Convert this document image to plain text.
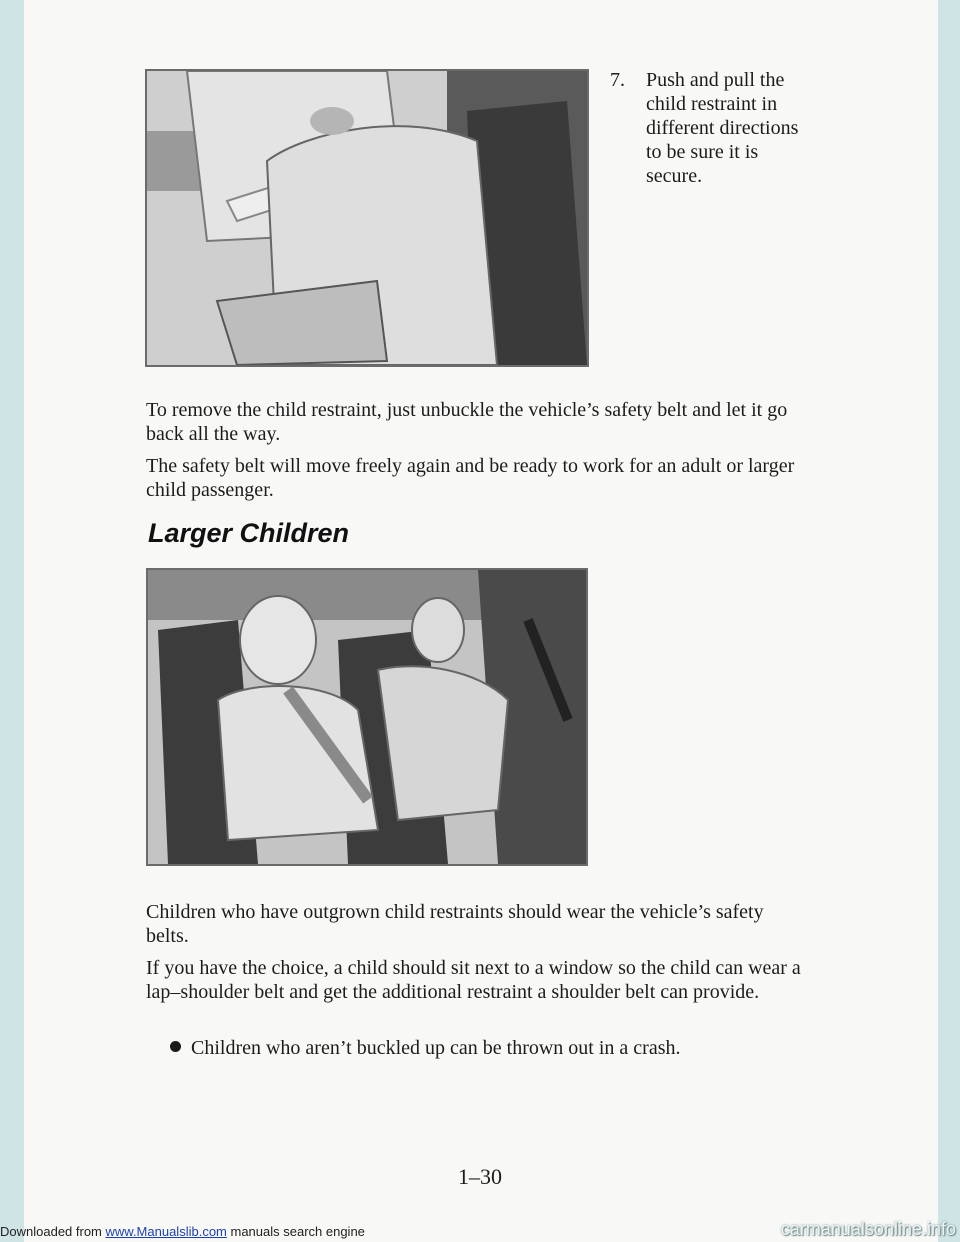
7. Push and pull the child restraint in different directions to be sure it is secure.

To remove the child restraint, just unbuckle the vehicle’s safety belt and let it go back all the way.

The safety belt will move freely again and be ready to work for an adult or larger child passenger.

Larger Children

Children who have outgrown child restraints should wear the vehicle’s safety belts.

If you have the choice, a child should sit next to a window so the child can wear a lap–shoulder belt and get the additional restraint a shoulder belt can provide.

Children who aren’t buckled up can be thrown out in a crash.
1–30
Downloaded from www.Manualslib.com manuals search engine	carmanualsonline.info
